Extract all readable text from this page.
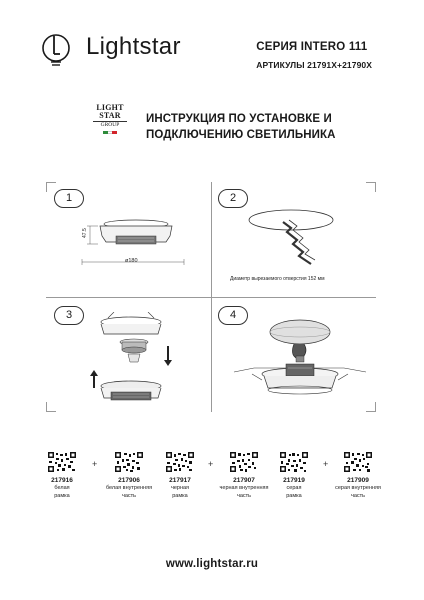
Lightstar	СЕРИЯ INTERO 111
АРТИКУЛЫ 21791Х+21790Х
LIGHT
STAR
GROUP	ИНСТРУКЦИЯ ПО УСТАНОВКЕ И
ПОДКЛЮЧЕНИЮ СВЕТИЛЬНИКА
1
47.5
ø180
2
Диаметр вырезаемого отверстия 152 мм
3	4
217916
белая
рамка
+
217906
белая внутренняя
часть
217917
черная
рамка
+
217907
черная внутренняя
часть
217919
серая
рамка
+
217909
серая внутренняя
часть
www.lightstar.ru
